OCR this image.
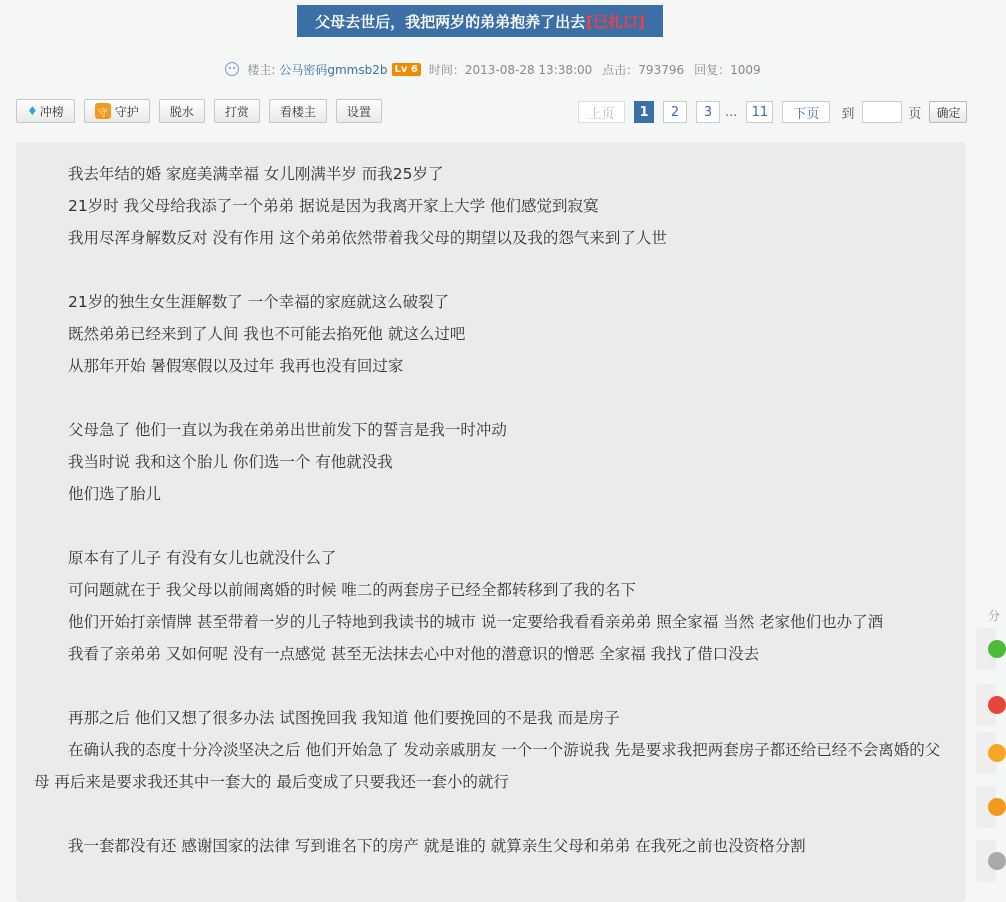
父母去世后，我把两岁的弟弟抱养了出去 [已扎口]
楼主: 公马密码gmmsb2b Lv 6 时间：2013-08-28 13:38:00 点击：793796 回复：1009
♦ 冲榜	守 守护	脱水	打赏	看楼主	设置	上页	1	2	3 ...	11	下页	到	页	确定

我去年结的婚 家庭美满幸福 女儿刚满半岁 而我25岁了

21岁时 我父母给我添了一个弟弟 据说是因为我离开家上大学 他们感觉到寂寞

我用尽浑身解数反对 没有作用 这个弟弟依然带着我父母的期望以及我的怨气来到了人世

21岁的独生女生涯解数了 一个幸福的家庭就这么破裂了

既然弟弟已经来到了人间 我也不可能去掐死他 就这么过吧

从那年开始 暑假寒假以及过年 我再也没有回过家

父母急了 他们一直以为我在弟弟出世前发下的誓言是我一时冲动

我当时说 我和这个胎儿 你们选一个 有他就没我

他们选了胎儿

原本有了儿子 有没有女儿也就没什么了

可问题就在于 我父母以前闹离婚的时候 唯二的两套房子已经全都转移到了我的名下

他们开始打亲情牌 甚至带着一岁的儿子特地到我读书的城市 说一定要给我看看亲弟弟 照全家福 当然 老家他们也办了酒

我看了亲弟弟 又如何呢 没有一点感觉 甚至无法抹去心中对他的潜意识的憎恶 全家福 我找了借口没去

再那之后 他们又想了很多办法 试图挽回我 我知道 他们要挽回的不是我 而是房子

在确认我的态度十分冷淡坚决之后 他们开始急了 发动亲戚朋友 一个一个游说我 先是要求我把两套房子都还给已经不会离婚的父母 再后来是要求我还其中一套大的 最后变成了只要我还一套小的就行

我一套都没有还 感谢国家的法律 写到谁名下的房产 就是谁的 就算亲生父母和弟弟 在我死之前也没资格分割

分
